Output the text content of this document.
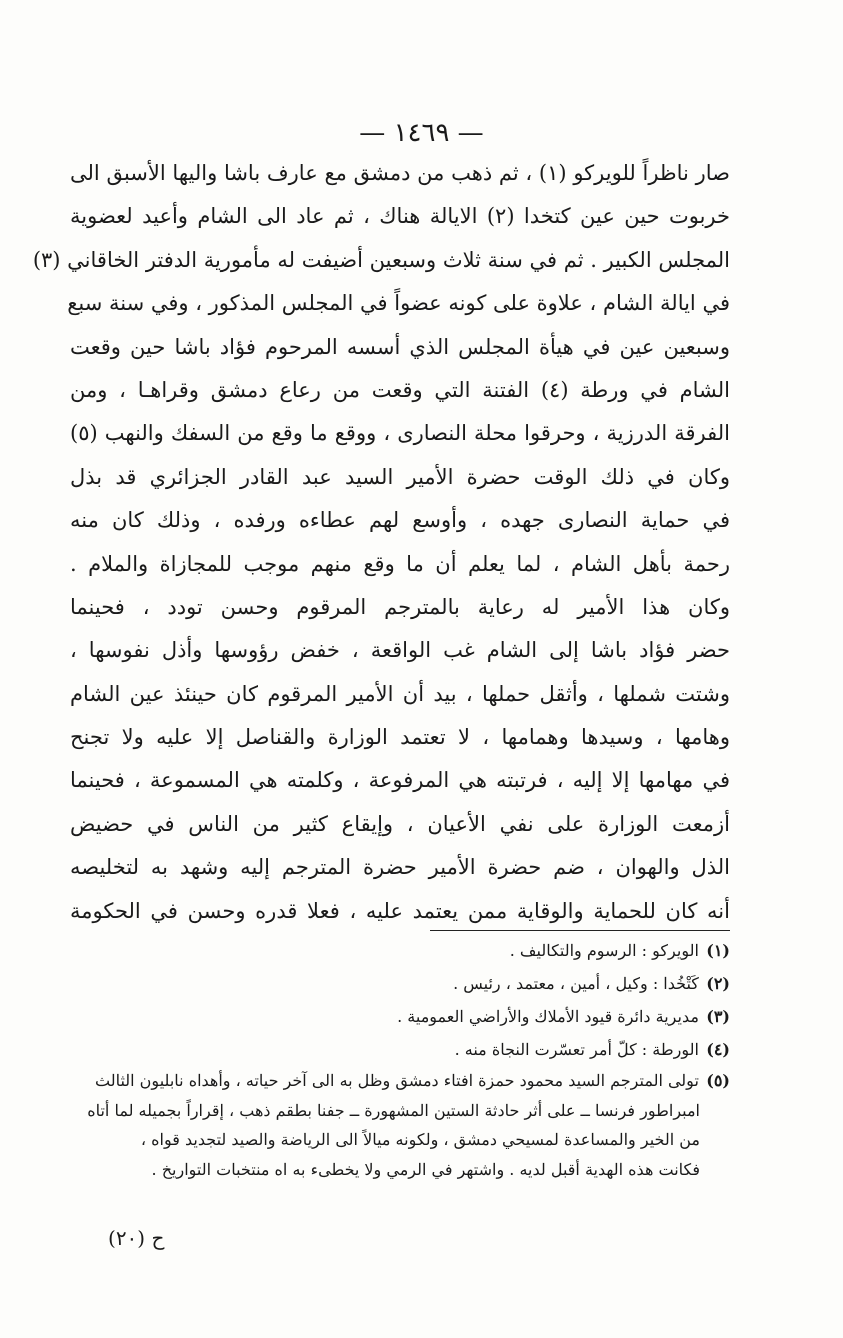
— ١٤٦٩ —
صار ناظراً للويركو (١) ، ثم ذهب من دمشق مع عارف باشا واليها الأسبق الى
خربوت حين عين كتخدا (٢) الايالة هناك ، ثم عاد الى الشام وأعيد لعضوية
المجلس الكبير . ثم في سنة ثلاث وسبعين أضيفت له مأمورية الدفتر الخاقاني (٣)
في ايالة الشام ، علاوة على كونه عضواً في المجلس المذكور ، وفي سنة سبع
وسبعين عين في هيأة المجلس الذي أسسه المرحوم فؤاد باشا حين وقعت
الشام في ورطة (٤) الفتنة التي وقعت من رعاع دمشق وقراهـا ، ومن
الفرقة الدرزية ، وحرقوا محلة النصارى ، ووقع ما وقع من السفك والنهب (٥)
وكان في ذلك الوقت حضرة الأمير السيد عبد القادر الجزائري قد بذل
في حماية النصارى جهده ، وأوسع لهم عطاءه ورفده ، وذلك كان منه
رحمة بأهل الشام ، لما يعلم أن ما وقع منهم موجب للمجازاة والملام .
وكان هذا الأمير له رعاية بالمترجم المرقوم وحسن تودد ، فحينما
حضر فؤاد باشا إلى الشام غب الواقعة ، خفض رؤوسها وأذل نفوسها ،
وشتت شملها ، وأثقل حملها ، بيد أن الأمير المرقوم كان حينئذ عين الشام
وهامها ، وسيدها وهمامها ، لا تعتمد الوزارة والقناصل إلا عليه ولا تجنح
في مهامها إلا إليه ، فرتبته هي المرفوعة ، وكلمته هي المسموعة ، فحينما
أزمعت الوزارة على نفي الأعيان ، وإيقاع كثير من الناس في حضيض
الذل والهوان ، ضم حضرة الأمير حضرة المترجم إليه وشهد به لتخليصه
أنه كان للحماية والوقاية ممن يعتمد عليه ، فعلا قدره وحسن في الحكومة
(١) الويركو : الرسوم والتكاليف .
(٢) كَتْخُدا : وكيل ، أمين ، معتمد ، رئيس .
(٣) مديرية دائرة قيود الأملاك والأراضي العمومية .
(٤) الورطة : كلّ أمر تعسّرت النجاة منه .
(٥) تولى المترجم السيد محمود حمزة افتاء دمشق وظل به الى آخر حياته ، وأهداه نابليون الثالث
امبراطور فرنسا ــ على أثر حادثة الستين المشهورة ــ جفنا بطقم ذهب ، إقراراً بجميله لما أتاه
من الخير والمساعدة لمسيحي دمشق ، ولكونه ميالاً الى الرياضة والصيد لتجديد قواه ،
فكانت هذه الهدية أقبل لديه . واشتهر في الرمي ولا يخطىء به اه منتخبات التواريخ .
ح (٢٠)
